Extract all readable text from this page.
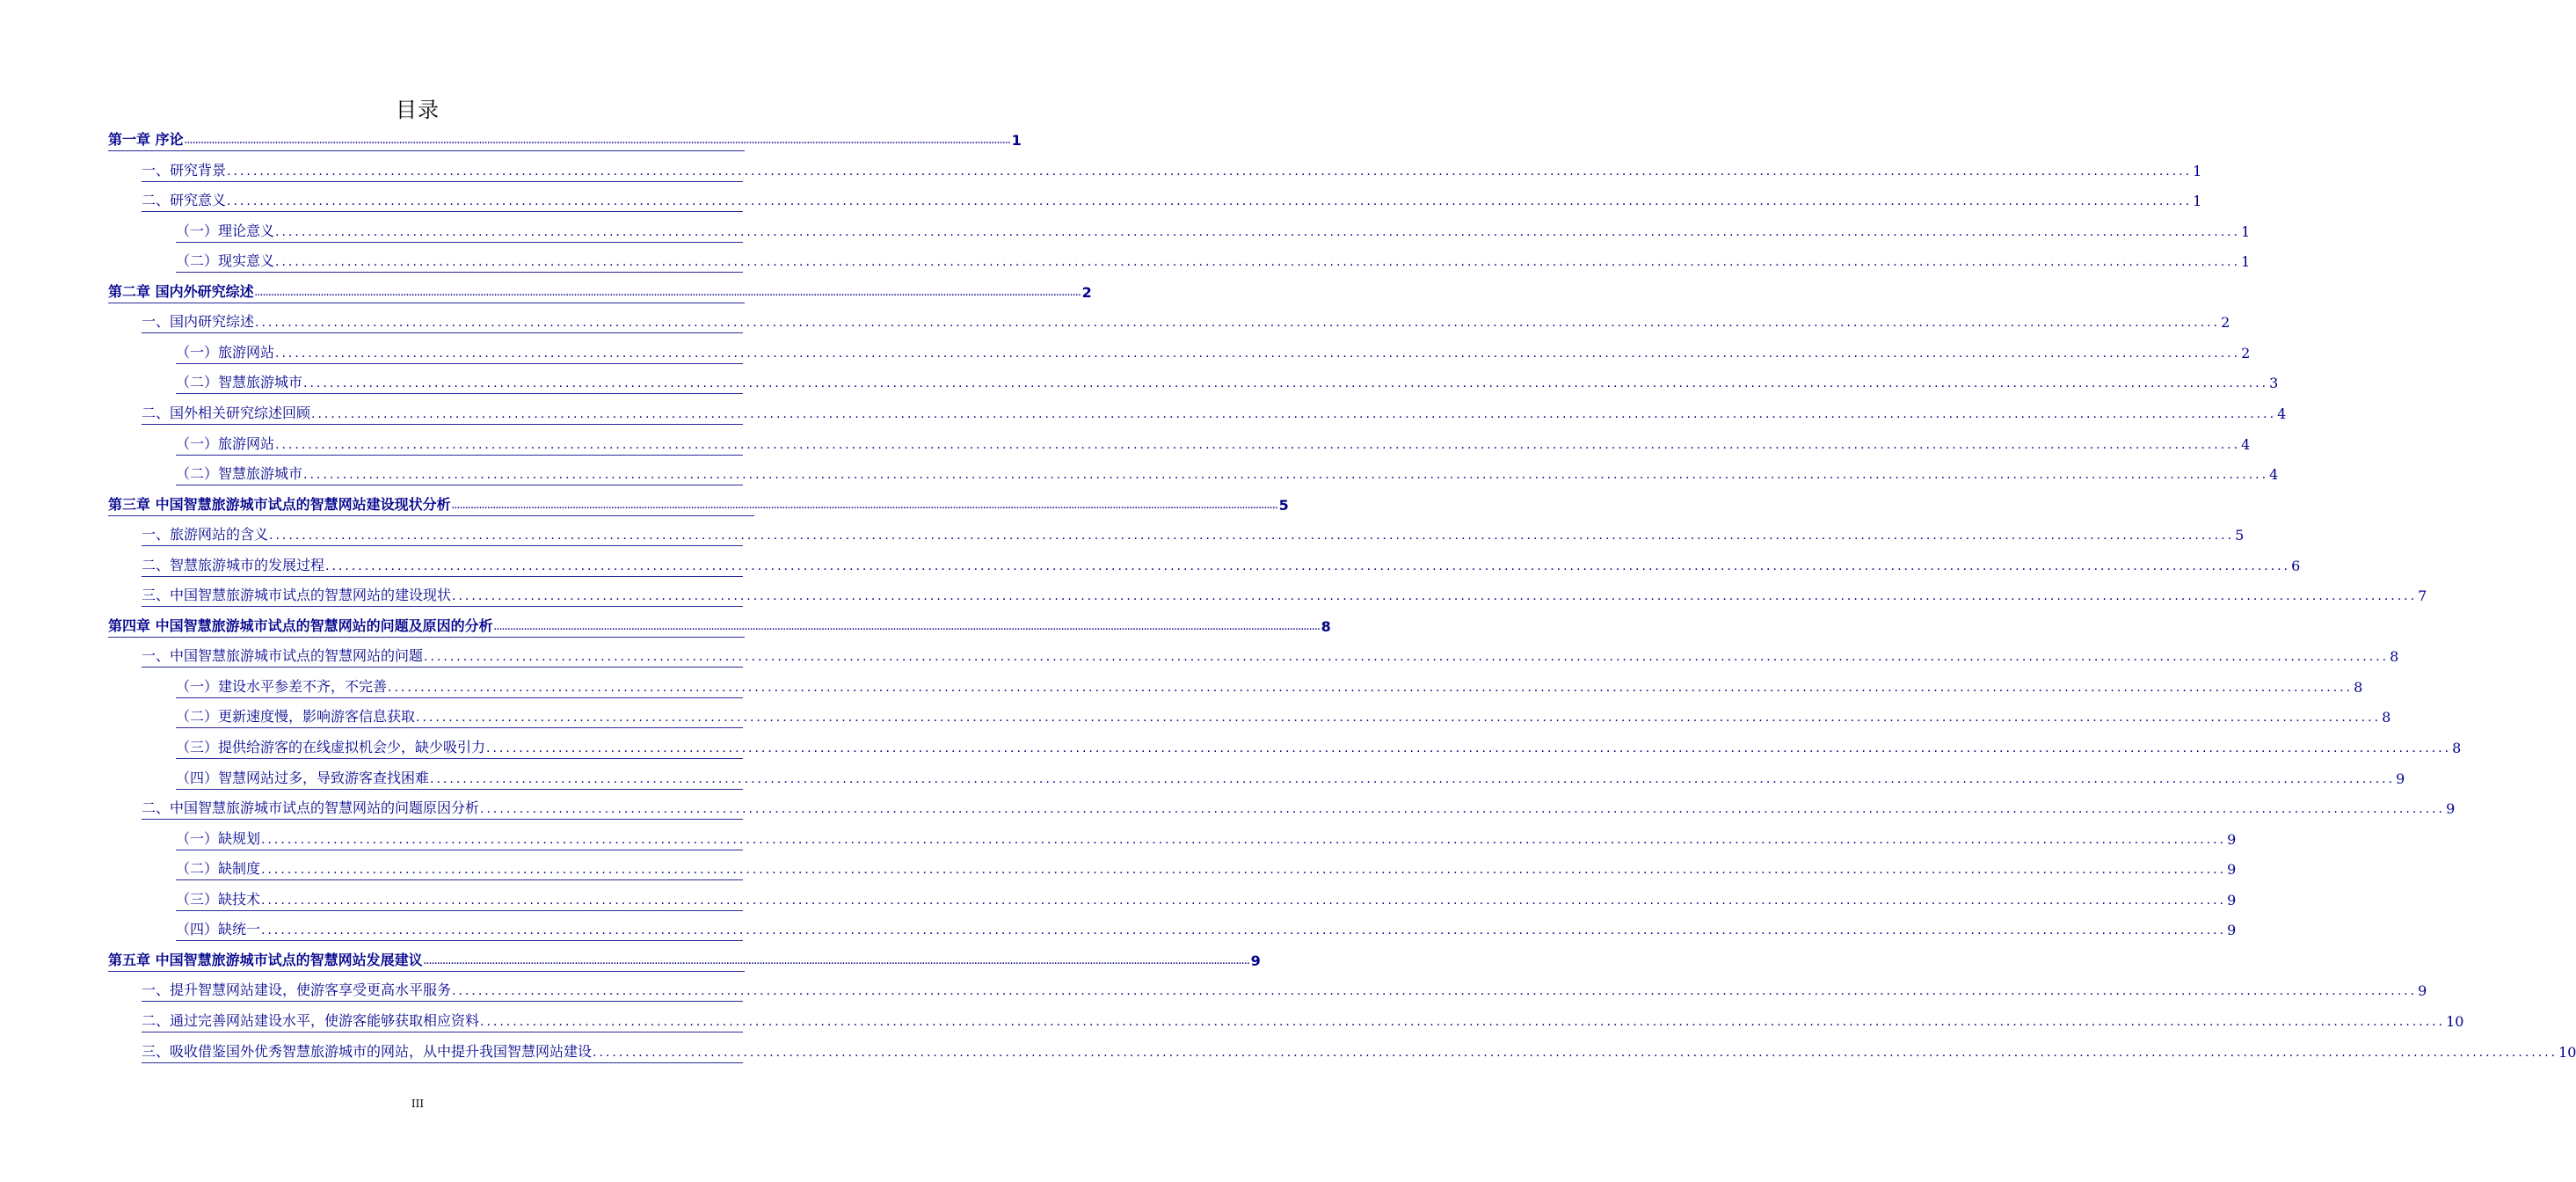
目录
第一章 序论 ............................................................................................................................................................................................................................................................................................................ 1
一、研究背景 ............................................................................................................................................................................................................................................................................................................ 1
二、研究意义 ............................................................................................................................................................................................................................................................................................................ 1
（一）理论意义 ............................................................................................................................................................................................................................................................................................................ 1
（二）现实意义 ............................................................................................................................................................................................................................................................................................................ 1
第二章 国内外研究综述 ............................................................................................................................................................................................................................................................................................................ 2
一、国内研究综述 ............................................................................................................................................................................................................................................................................................................ 2
（一）旅游网站 ............................................................................................................................................................................................................................................................................................................ 2
（二）智慧旅游城市 ............................................................................................................................................................................................................................................................................................................ 3
二、国外相关研究综述回顾 ............................................................................................................................................................................................................................................................................................................ 4
（一）旅游网站 ............................................................................................................................................................................................................................................................................................................ 4
（二）智慧旅游城市 ............................................................................................................................................................................................................................................................................................................ 4
第三章 中国智慧旅游城市试点的智慧网站建设现状分析 ............................................................................................................................................................................................................................................................................................................ 5
一、旅游网站的含义 ............................................................................................................................................................................................................................................................................................................ 5
二、智慧旅游城市的发展过程 ............................................................................................................................................................................................................................................................................................................ 6
三、中国智慧旅游城市试点的智慧网站的建设现状 ............................................................................................................................................................................................................................................................................................................ 7
第四章 中国智慧旅游城市试点的智慧网站的问题及原因的分析 ............................................................................................................................................................................................................................................................................................................ 8
一、中国智慧旅游城市试点的智慧网站的问题 ............................................................................................................................................................................................................................................................................................................ 8
（一）建设水平参差不齐，不完善 ............................................................................................................................................................................................................................................................................................................ 8
（二）更新速度慢，影响游客信息获取 ............................................................................................................................................................................................................................................................................................................ 8
（三）提供给游客的在线虚拟机会少，缺少吸引力 ............................................................................................................................................................................................................................................................................................................ 8
（四）智慧网站过多，导致游客查找困难 ............................................................................................................................................................................................................................................................................................................ 9
二、中国智慧旅游城市试点的智慧网站的问题原因分析 ............................................................................................................................................................................................................................................................................................................ 9
（一）缺规划 ............................................................................................................................................................................................................................................................................................................ 9
（二）缺制度 ............................................................................................................................................................................................................................................................................................................ 9
（三）缺技术 ............................................................................................................................................................................................................................................................................................................ 9
（四）缺统一 ............................................................................................................................................................................................................................................................................................................ 9
第五章 中国智慧旅游城市试点的智慧网站发展建议 ............................................................................................................................................................................................................................................................................................................ 9
一、提升智慧网站建设，使游客享受更高水平服务 ............................................................................................................................................................................................................................................................................................................ 9
二、通过完善网站建设水平，使游客能够获取相应资料 ............................................................................................................................................................................................................................................................................................................ 10
三、吸收借鉴国外优秀智慧旅游城市的网站，从中提升我国智慧网站建设 ............................................................................................................................................................................................................................................................................................................ 10
III
